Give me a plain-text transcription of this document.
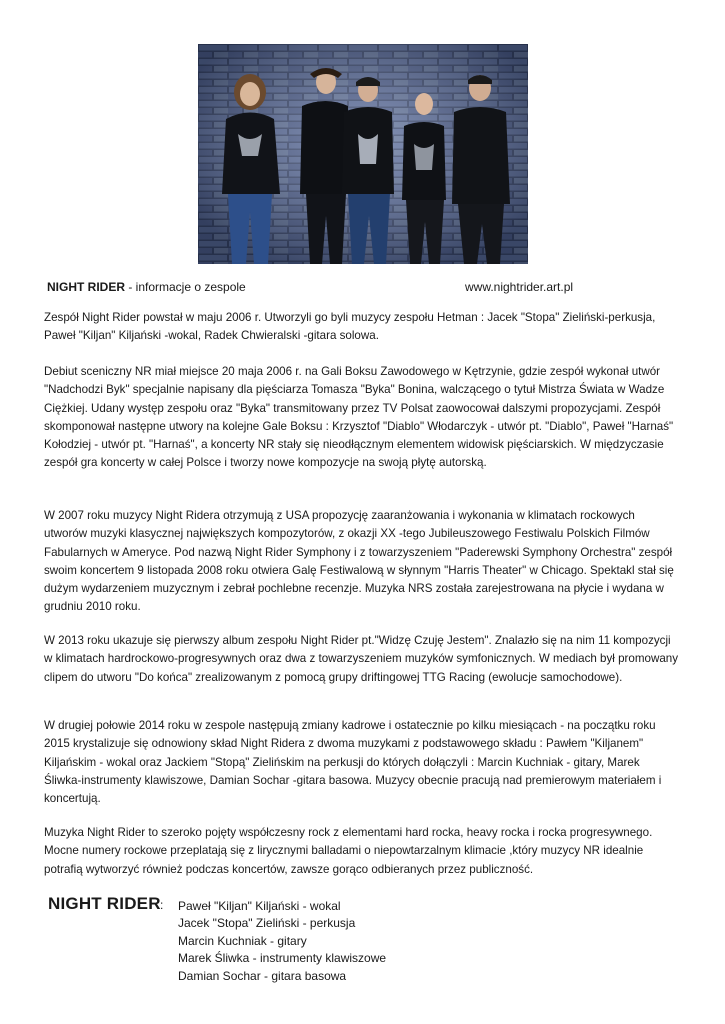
NIGHT RIDER - informacje o zespole	www.nightrider.art.pl
Zespół Night Rider powstał w maju 2006 r. Utworzyli go byli muzycy zespołu Hetman : Jacek "Stopa" Zieliński-perkusja, Paweł "Kiljan" Kiljański -wokal, Radek Chwieralski -gitara solowa.
Debiut sceniczny NR miał miejsce 20 maja 2006 r. na Gali Boksu Zawodowego w Kętrzynie, gdzie zespół wykonał utwór "Nadchodzi Byk" specjalnie napisany dla pięściarza Tomasza "Byka" Bonina, walczącego o tytuł Mistrza Świata w Wadze Ciężkiej. Udany występ zespołu oraz "Byka" transmitowany przez TV Polsat zaowocował dalszymi propozycjami. Zespół skomponował następne utwory na kolejne Gale Boksu : Krzysztof "Diablo" Włodarczyk - utwór pt. "Diablo", Paweł "Harnaś" Kołodziej - utwór pt. "Harnaś", a koncerty NR stały się nieodłącznym elementem widowisk pięściarskich. W międzyczasie zespół gra koncerty w całej Polsce i tworzy nowe kompozycje na swoją płytę autorską.
W 2007 roku muzycy Night Ridera otrzymują z USA propozycję zaaranżowania i wykonania w klimatach rockowych utworów muzyki klasycznej największych kompozytorów, z okazji XX -tego Jubileuszowego Festiwalu Polskich Filmów Fabularnych w Ameryce. Pod nazwą Night Rider Symphony i z towarzyszeniem "Paderewski Symphony Orchestra" zespół swoim koncertem 9 listopada 2008 roku otwiera Galę Festiwalową w słynnym "Harris Theater" w Chicago. Spektakl stał się dużym wydarzeniem muzycznym i zebrał pochlebne recenzje. Muzyka NRS została zarejestrowana na płycie i wydana w grudniu 2010 roku.
W 2013 roku ukazuje się pierwszy album zespołu Night Rider pt."Widzę Czuję Jestem". Znalazło się na nim 11 kompozycji w klimatach hardrockowo-progresywnych oraz dwa z towarzyszeniem muzyków symfonicznych. W mediach był promowany clipem do utworu "Do końca" zrealizowanym z pomocą grupy driftingowej TTG Racing (ewolucje samochodowe).
W drugiej połowie 2014 roku w zespole następują zmiany kadrowe i ostatecznie po kilku miesiącach - na początku roku 2015 krystalizuje się odnowiony skład Night Ridera z dwoma muzykami z podstawowego składu : Pawłem "Kiljanem" Kiljańskim - wokal oraz Jackiem "Stopą" Zielińskim na perkusji do których dołączyli : Marcin Kuchniak - gitary, Marek Śliwka-instrumenty klawiszowe, Damian Sochar -gitara basowa. Muzycy obecnie pracują nad premierowym materiałem i koncertują.
Muzyka Night Rider to szeroko pojęty współczesny rock z elementami hard rocka, heavy rocka i rocka progresywnego. Mocne numery rockowe przeplatają się z lirycznymi balladami o niepowtarzalnym klimacie ,który muzycy NR idealnie potrafią wytworzyć również podczas koncertów, zawsze gorąco odbieranych przez publiczność.
NIGHT RIDER : Paweł "Kiljan" Kiljański - wokal
Jacek "Stopa" Zieliński - perkusja
Marcin Kuchniak - gitary
Marek Śliwka - instrumenty klawiszowe
Damian Sochar - gitara basowa
